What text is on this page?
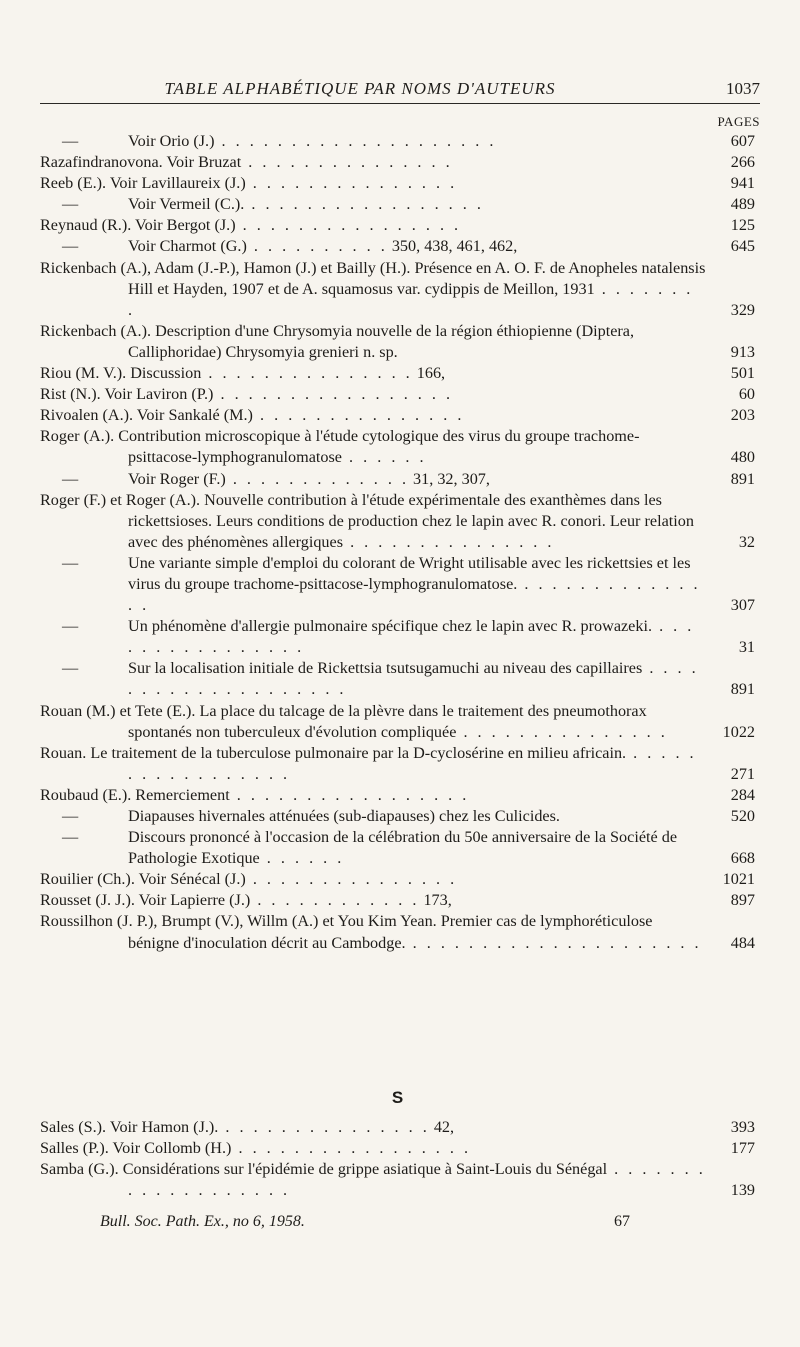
TABLE ALPHABÉTIQUE PAR NOMS D'AUTEURS	1037
PAGES
—	Voir Orio (J.) . . . . . . . . . . . . . . . . . . . .	607
Razafindranovona. Voir Bruzat . . . . . . . . . . . . . . .	266
Reeb (E.). Voir Lavillaureix (J.) . . . . . . . . . . . . . . .	941
—	Voir Vermeil (C.). . . . . . . . . . . . . . . . . .	489
Reynaud (R.). Voir Bergot (J.) . . . . . . . . . . . . . . . .	125
—	Voir Charmot (G.) . . . . . . . . . . 350, 438, 461, 462,	645
Rickenbach (A.), Adam (J.-P.), Hamon (J.) et Bailly (H.). Présence en A. O. F. de Anopheles natalensis Hill et Hayden, 1907 et de A. squamosus var. cydippis de Meillon, 1931 . . . . . . . .	329
Rickenbach (A.). Description d'une Chrysomyia nouvelle de la région éthiopienne (Diptera, Calliphoridae) Chrysomyia grenieri n. sp.	913
Riou (M. V.). Discussion . . . . . . . . . . . . . . . 166,	501
Rist (N.). Voir Laviron (P.) . . . . . . . . . . . . . . . . .	60
Rivoalen (A.). Voir Sankalé (M.) . . . . . . . . . . . . . . .	203
Roger (A.). Contribution microscopique à l'étude cytologique des virus du groupe trachome-psittacose-lymphogranulomatose . . . . . .	480
—	Voir Roger (F.) . . . . . . . . . . . . . 31, 32, 307,	891
Roger (F.) et Roger (A.). Nouvelle contribution à l'étude expérimentale des exanthèmes dans les rickettsioses. Leurs conditions de production chez le lapin avec R. conori. Leur relation avec des phénomènes allergiques . . . . . . . . . . . . . . .	32
—	Une variante simple d'emploi du colorant de Wright utilisable avec les rickettsies et les virus du groupe trachome-psittacose-lymphogranulomatose. . . . . . . . . . . . . . . .	307
—	Un phénomène d'allergie pulmonaire spécifique chez le lapin avec R. prowazeki. . . . . . . . . . . . . . . . .	31
—	Sur la localisation initiale de Rickettsia tsutsugamuchi au niveau des capillaires . . . . . . . . . . . . . . . . . . . .	891
Rouan (M.) et Tete (E.). La place du talcage de la plèvre dans le traitement des pneumothorax spontanés non tuberculeux d'évolution compliquée . . . . . . . . . . . . . . .	1022
Rouan. Le traitement de la tuberculose pulmonaire par la D-cyclosérine en milieu africain. . . . . . . . . . . . . . . . . .	271
Roubaud (E.). Remerciement . . . . . . . . . . . . . . . . .	284
—	Diapauses hivernales atténuées (sub-diapauses) chez les Culicides.	520
—	Discours prononcé à l'occasion de la célébration du 50e anniversaire de la Société de Pathologie Exotique . . . . . .	668
Rouilier (Ch.). Voir Sénécal (J.) . . . . . . . . . . . . . . .	1021
Rousset (J. J.). Voir Lapierre (J.) . . . . . . . . . . . . 173,	897
Roussilhon (J. P.), Brumpt (V.), Willm (A.) et You Kim Yean. Premier cas de lymphoréticulose bénigne d'inoculation décrit au Cambodge. . . . . . . . . . . . . . . . . . . . . .	484
S
Sales (S.). Voir Hamon (J.). . . . . . . . . . . . . . . . 42,	393
Salles (P.). Voir Collomb (H.) . . . . . . . . . . . . . . . . .	177
Samba (G.). Considérations sur l'épidémie de grippe asiatique à Saint-Louis du Sénégal . . . . . . . . . . . . . . . . . . .	139
Bull. Soc. Path. Ex., no 6, 1958.	67
